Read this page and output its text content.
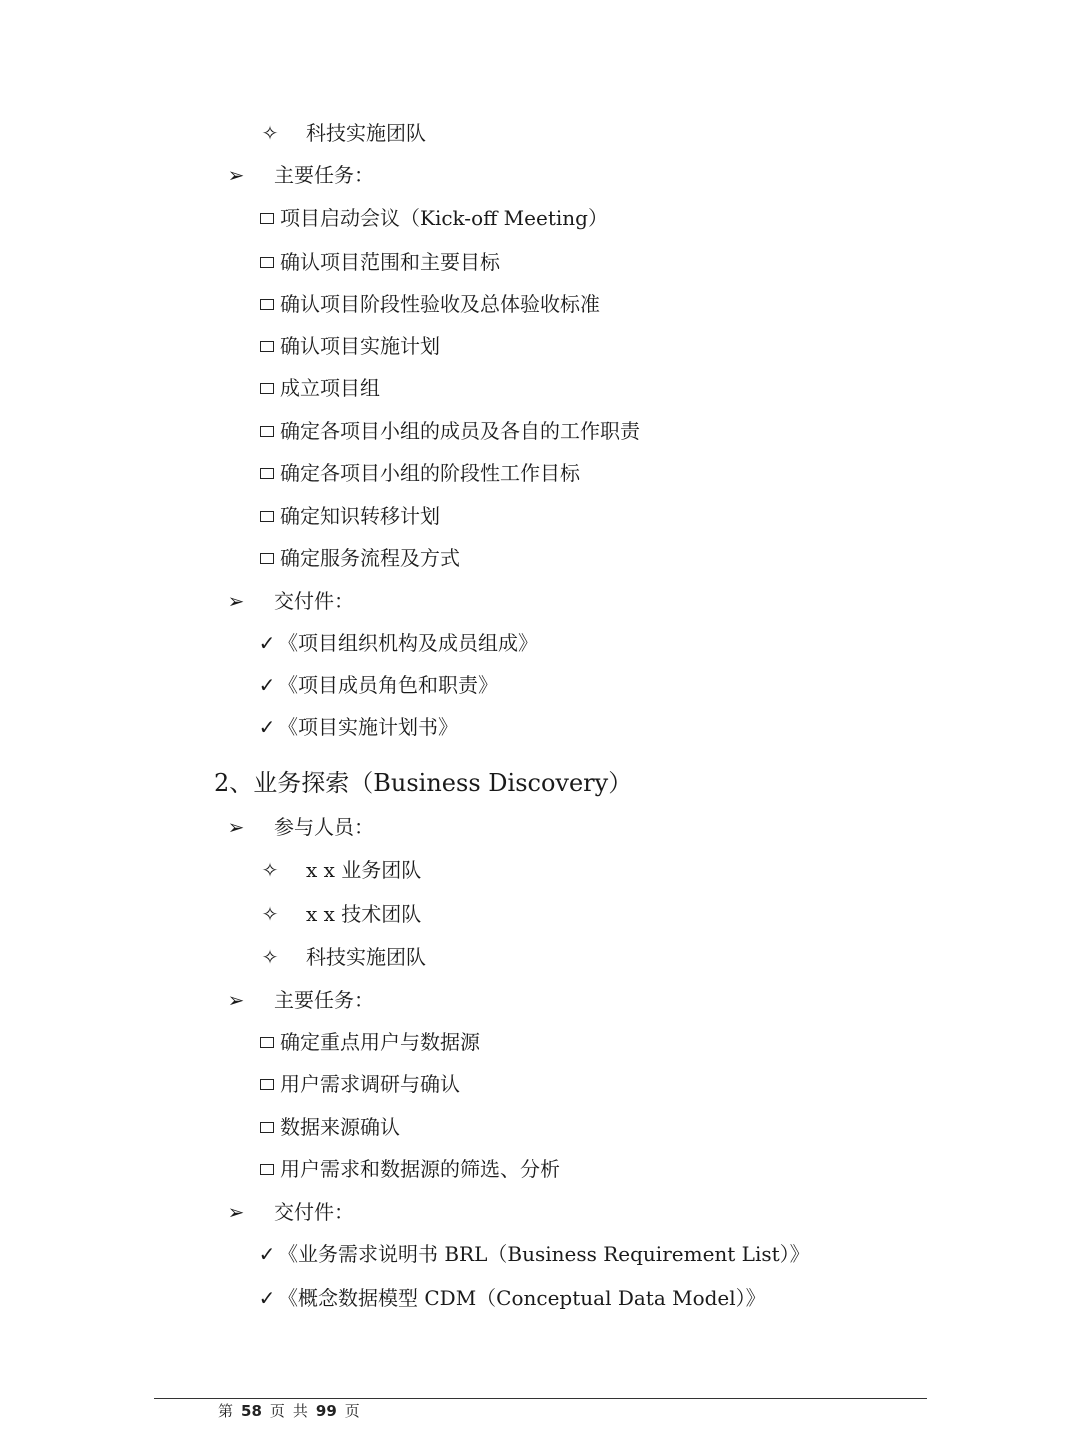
✧ 科技实施团队
➢ 主要任务：
项目启动会议（Kick-off Meeting）
确认项目范围和主要目标
确认项目阶段性验收及总体验收标准
确认项目实施计划
成立项目组
确定各项目小组的成员及各自的工作职责
确定各项目小组的阶段性工作目标
确定知识转移计划
确定服务流程及方式
➢ 交付件：
✓ 《项目组织机构及成员组成》
✓ 《项目成员角色和职责》
✓ 《项目实施计划书》
2、业务探索（Business Discovery）
➢ 参与人员：
✧ x x 业务团队
✧ x x 技术团队
✧ 科技实施团队
➢ 主要任务：
确定重点用户与数据源
用户需求调研与确认
数据来源确认
用户需求和数据源的筛选、分析
➢ 交付件：
✓ 《业务需求说明书 BRL（Business Requirement List）》
✓ 《概念数据模型 CDM（Conceptual Data Model）》
第 58 页 共 99 页
